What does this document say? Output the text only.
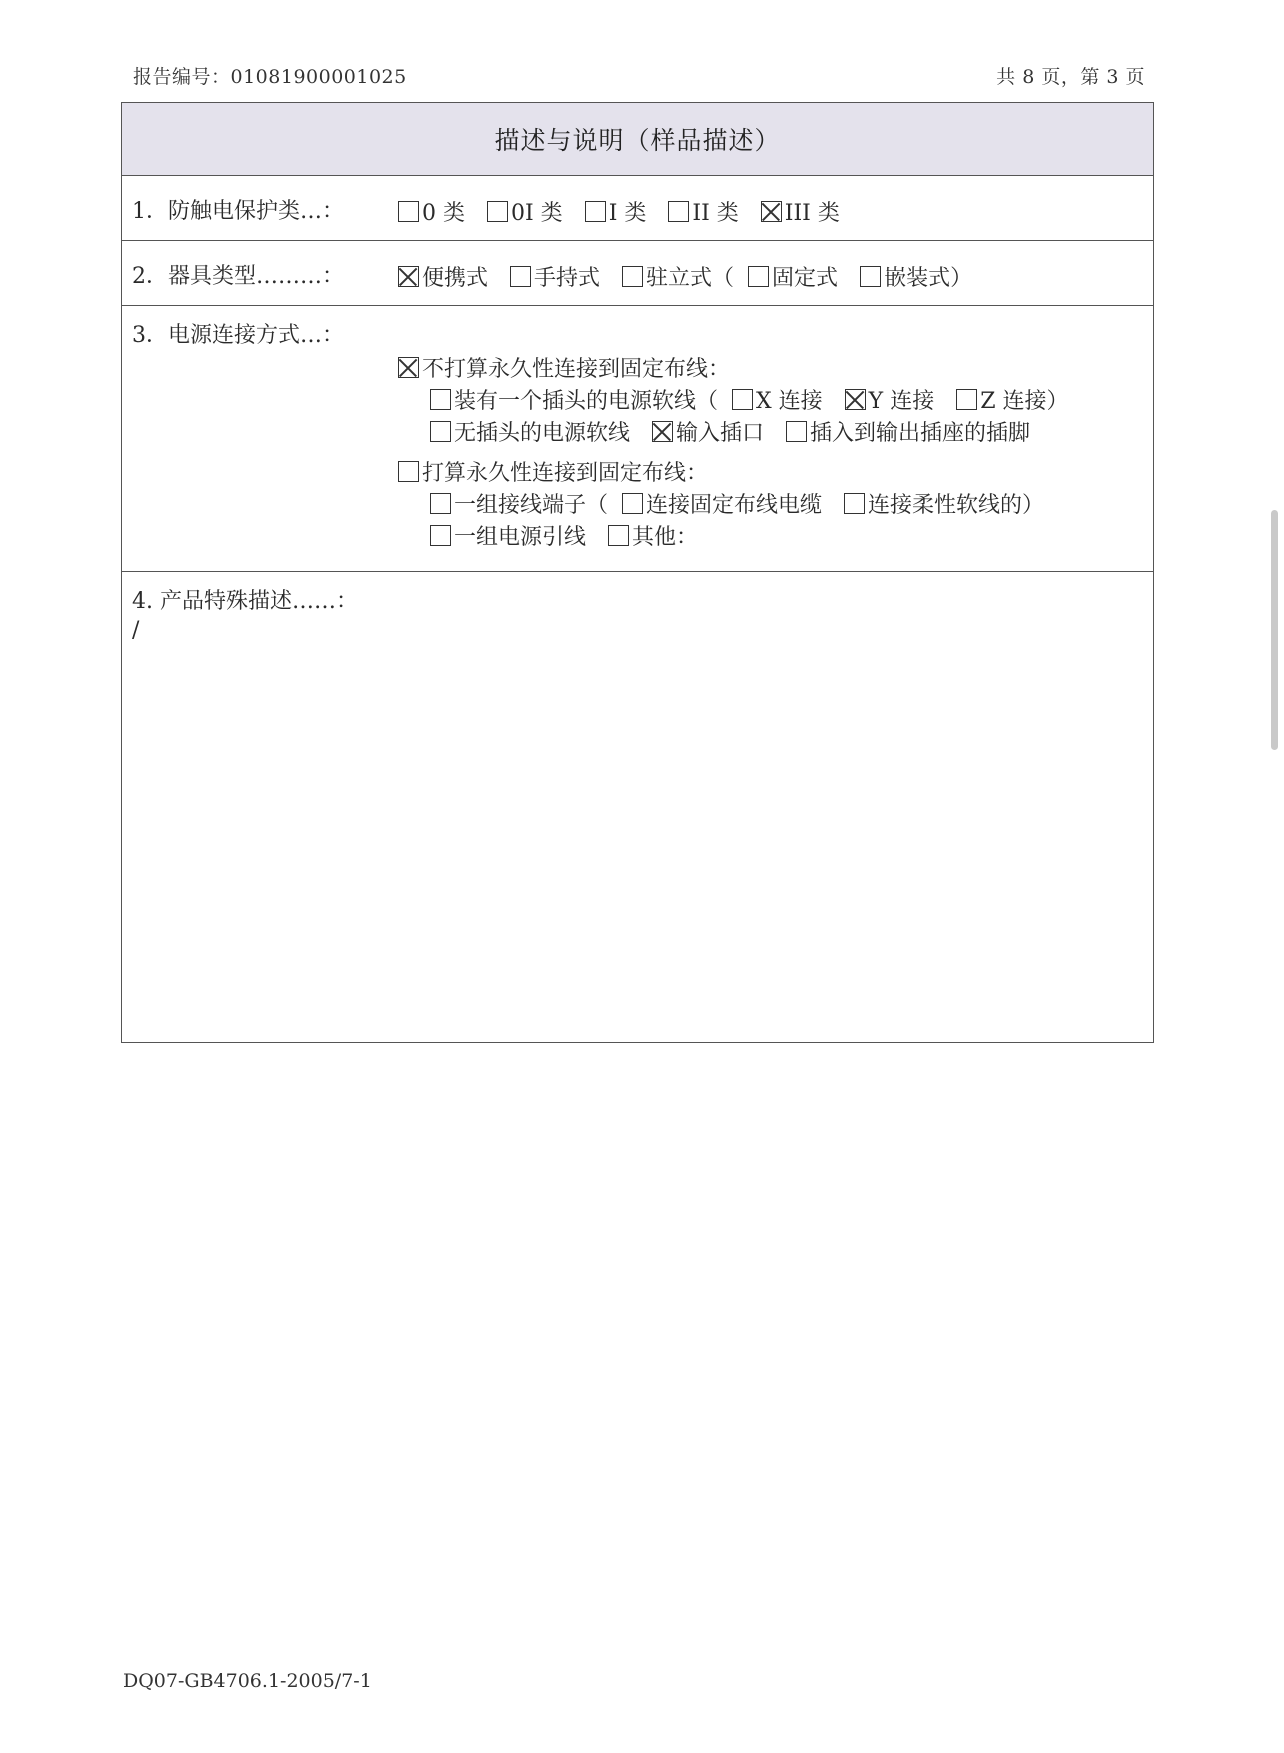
报告编号：01081900001025	共 8 页，第 3 页
描述与说明（样品描述）
1．防触电保护类…：	0 类 0I 类 I 类 II 类 III 类
2．器具类型………：	便携式 手持式 驻立式（ 固定式 嵌装式）
3．电源连接方式…：
不打算永久性连接到固定布线：
装有一个插头的电源软线（ X 连接 Y 连接 Z 连接）
无插头的电源软线 输入插口 插入到输出插座的插脚
打算永久性连接到固定布线：
一组接线端子（ 连接固定布线电缆 连接柔性软线的）
一组电源引线 其他：
4. 产品特殊描述……：
/
DQ07-GB4706.1-2005/7-1
